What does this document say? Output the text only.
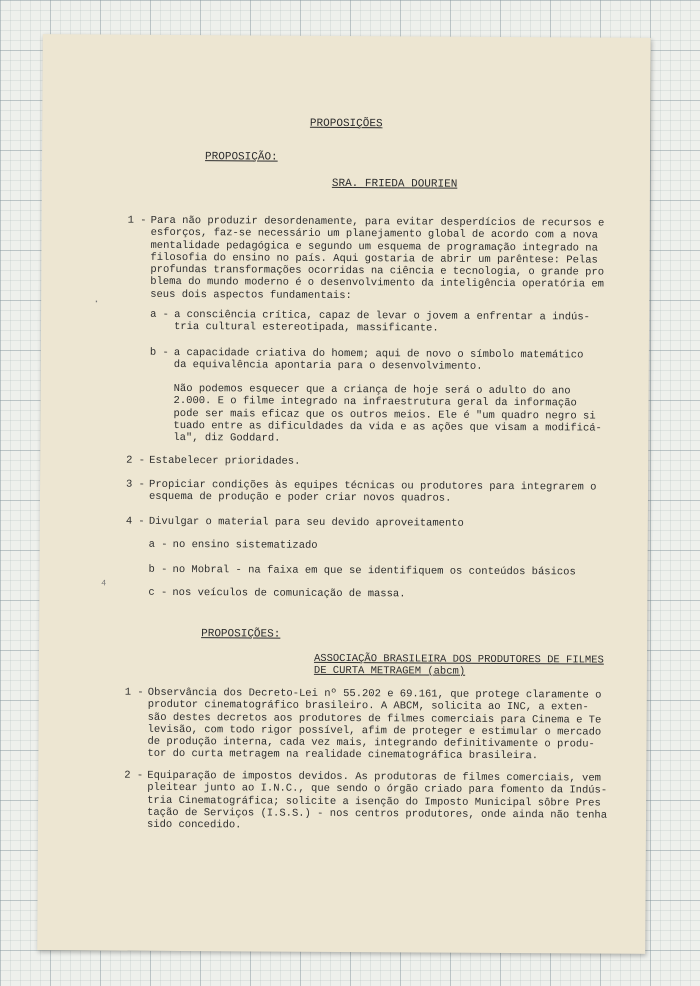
PROPOSIÇÕES
PROPOSIÇÃO:
SRA. FRIEDA DOURIEN
1 - Para não produzir desordenamente, para evitar desperdícios de recursos e
esforços, faz-se necessário um planejamento global de acordo com a nova
mentalidade pedagógica e segundo um esquema de programação integrado na
filosofia do ensino no país. Aqui gostaria de abrir um parêntese: Pelas
profundas transformações ocorridas na ciência e tecnologia, o grande pro
blema do mundo moderno é o desenvolvimento da inteligência operatória em
seus dois aspectos fundamentais:
a - a consciência crítica, capaz de levar o jovem a enfrentar a indús-
tria cultural estereotipada, massificante.
b - a capacidade criativa do homem; aqui de novo o símbolo matemático
da equivalência apontaria para o desenvolvimento.
Não podemos esquecer que a criança de hoje será o adulto do ano
2.000. E o filme integrado na infraestrutura geral da informação
pode ser mais eficaz que os outros meios. Ele é "um quadro negro si
tuado entre as dificuldades da vida e as ações que visam a modificá-
la", diz Goddard.
2 - Estabelecer prioridades.
3 - Propiciar condições às equipes técnicas ou produtores para integrarem o
esquema de produção e poder criar novos quadros.
4 - Divulgar o material para seu devido aproveitamento
a - no ensino sistematizado
b - no Mobral - na faixa em que se identifiquem os conteúdos básicos
c - nos veículos de comunicação de massa.
PROPOSIÇÕES:
ASSOCIAÇÃO BRASILEIRA DOS PRODUTORES DE FILMES
DE CURTA METRAGEM (abcm)
1 - Observância dos Decreto-Lei nº 55.202 e 69.161, que protege claramente o
produtor cinematográfico brasileiro. A ABCM, solicita ao INC, a exten-
são destes decretos aos produtores de filmes comerciais para Cinema e Te
levisão, com todo rigor possível, afim de proteger e estimular o mercado
de produção interna, cada vez mais, integrando definitivamente o produ-
tor do curta metragem na realidade cinematográfica brasileira.
2 - Equiparação de impostos devidos. As produtoras de filmes comerciais, vem
pleitear junto ao I.N.C., que sendo o órgão criado para fomento da Indús-
tria Cinematográfica; solicite a isenção do Imposto Municipal sôbre Pres
tação de Serviços (I.S.S.) - nos centros produtores, onde ainda não tenha
sido concedido.
·
⁴
